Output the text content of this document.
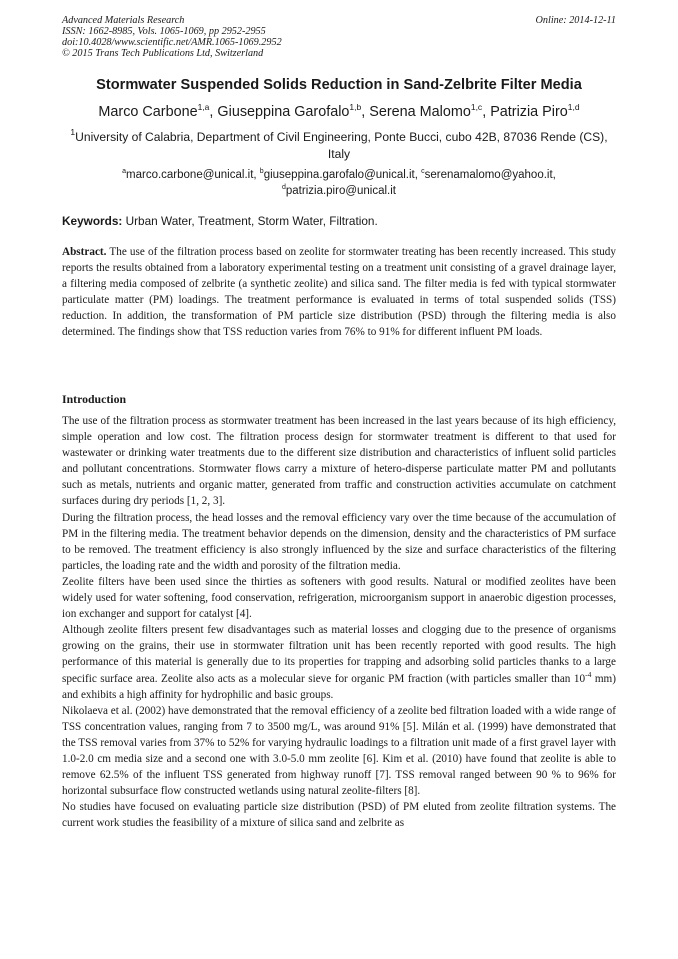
Advanced Materials Research
ISSN: 1662-8985, Vols. 1065-1069, pp 2952-2955
doi:10.4028/www.scientific.net/AMR.1065-1069.2952
© 2015 Trans Tech Publications Ltd, Switzerland
Online: 2014-12-11
Stormwater Suspended Solids Reduction in Sand-Zelbrite Filter Media
Marco Carbone$^{1,a}$, Giuseppina Garofalo$^{1,b}$, Serena Malomo$^{1,c}$, Patrizia Piro$^{1,d}$
$^1$University of Calabria, Department of Civil Engineering, Ponte Bucci, cubo 42B, 87036 Rende (CS), Italy
$^a$marco.carbone@unical.it, $^b$giuseppina.garofalo@unical.it, $^c$serenamalomo@yahoo.it,
$^d$patrizia.piro@unical.it
Keywords: Urban Water, Treatment, Storm Water, Filtration.

Abstract. The use of the filtration process based on zeolite for stormwater treating has been recently increased. This study reports the results obtained from a laboratory experimental testing on a treatment unit consisting of a gravel drainage layer, a filtering media composed of zelbrite (a synthetic zeolite) and silica sand. The filter media is fed with typical stormwater particulate matter (PM) loadings. The treatment performance is evaluated in terms of total suspended solids (TSS) reduction. In addition, the transformation of PM particle size distribution (PSD) through the filtering media is also determined. The findings show that TSS reduction varies from 76% to 91% for different influent PM loads.

Introduction

The use of the filtration process as stormwater treatment has been increased in the last years because of its high efficiency, simple operation and low cost. The filtration process design for stormwater treatment is different to that used for wastewater or drinking water treatments due to the different size distribution and characteristics of influent solid particles and pollutant concentrations. Stormwater flows carry a mixture of hetero-disperse particulate matter PM and pollutants such as metals, nutrients and organic matter, generated from traffic and construction activities accumulate on catchment surfaces during dry periods [1, 2, 3].

During the filtration process, the head losses and the removal efficiency vary over the time because of the accumulation of PM in the filtering media. The treatment behavior depends on the dimension, density and the characteristics of PM surface to be removed. The treatment efficiency is also strongly influenced by the size and surface characteristics of the filtering particles, the loading rate and the width and porosity of the filtration media.

Zeolite filters have been used since the thirties as softeners with good results. Natural or modified zeolites have been widely used for water softening, food conservation, refrigeration, microorganism support in anaerobic digestion processes, ion exchanger and support for catalyst [4].

Although zeolite filters present few disadvantages such as material losses and clogging due to the presence of organisms growing on the grains, their use in stormwater filtration unit has been recently reported with good results. The high performance of this material is generally due to its properties for trapping and adsorbing solid particles thanks to a large specific surface area. Zeolite also acts as a molecular sieve for organic PM fraction (with particles smaller than $10^{-4}$ mm) and exhibits a high affinity for hydrophilic and basic groups.

Nikolaeva et al. (2002) have demonstrated that the removal efficiency of a zeolite bed filtration loaded with a wide range of TSS concentration values, ranging from 7 to 3500 mg/L, was around 91% [5]. Milán et al. (1999) have demonstrated that the TSS removal varies from 37% to 52% for varying hydraulic loadings to a filtration unit made of a first gravel layer with 1.0-2.0 cm media size and a second one with 3.0-5.0 mm zeolite [6]. Kim et al. (2010) have found that zeolite is able to remove 62.5% of the influent TSS generated from highway runoff [7]. TSS removal ranged between 90 % to 96% for horizontal subsurface flow constructed wetlands using natural zeolite-filters [8].

No studies have focused on evaluating particle size distribution (PSD) of PM eluted from zeolite filtration systems. The current work studies the feasibility of a mixture of silica sand and zelbrite as
